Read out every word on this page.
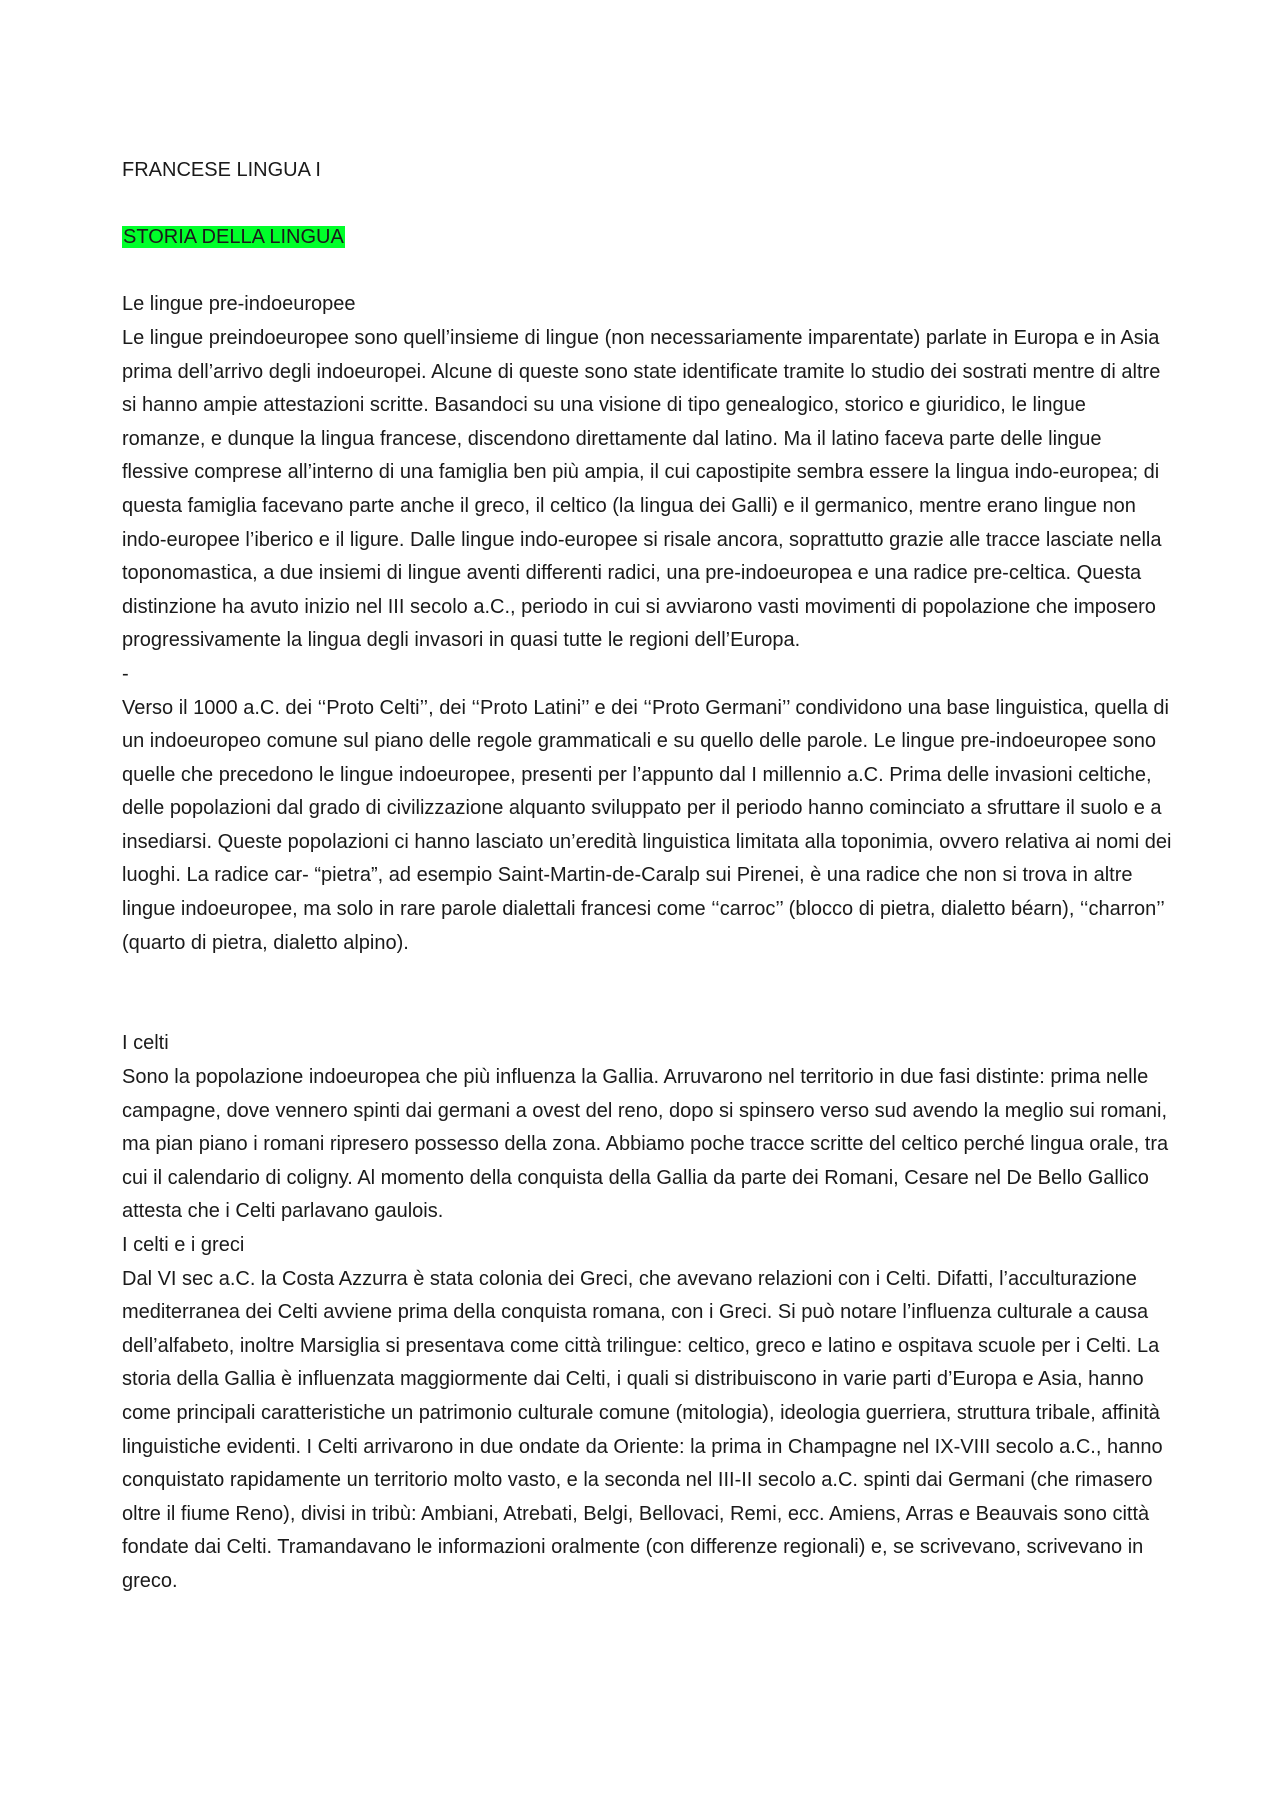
FRANCESE LINGUA I

STORIA DELLA LINGUA

Le lingue pre-indoeuropee

Le lingue preindoeuropee sono quell’insieme di lingue (non necessariamente imparentate) parlate in Europa e in Asia prima dell’arrivo degli indoeuropei. Alcune di queste sono state identificate tramite lo studio dei sostrati mentre di altre si hanno ampie attestazioni scritte. Basandoci su una visione di tipo genealogico, storico e giuridico, le lingue romanze, e dunque la lingua francese, discendono direttamente dal latino. Ma il latino faceva parte delle lingue flessive comprese all’interno di una famiglia ben più ampia, il cui capostipite sembra essere la lingua indo-europea; di questa famiglia facevano parte anche il greco, il celtico (la lingua dei Galli) e il germanico, mentre erano lingue non indo-europee l’iberico e il ligure. Dalle lingue indo-europee si risale ancora, soprattutto grazie alle tracce lasciate nella toponomastica, a due insiemi di lingue aventi differenti radici, una pre-indoeuropea e una radice pre-celtica. Questa distinzione ha avuto inizio nel III secolo a.C., periodo in cui si avviarono vasti movimenti di popolazione che imposero progressivamente la lingua degli invasori in quasi tutte le regioni dell’Europa.

-

Verso il 1000 a.C. dei ‘‘Proto Celti’’, dei ‘‘Proto Latini’’ e dei ‘‘Proto Germani’’ condividono una base linguistica, quella di un indoeuropeo comune sul piano delle regole grammaticali e su quello delle parole. Le lingue pre-indoeuropee sono quelle che precedono le lingue indoeuropee, presenti per l’appunto dal I millennio a.C. Prima delle invasioni celtiche, delle popolazioni dal grado di civilizzazione alquanto sviluppato per il periodo hanno cominciato a sfruttare il suolo e a insediarsi. Queste popolazioni ci hanno lasciato un’eredità linguistica limitata alla toponimia, ovvero relativa ai nomi dei luoghi. La radice car- “pietra”, ad esempio Saint-Martin-de-Caralp sui Pirenei, è una radice che non si trova in altre lingue indoeuropee, ma solo in rare parole dialettali francesi come ‘‘carroc’’ (blocco di pietra, dialetto béarn), ‘‘charron’’ (quarto di pietra, dialetto alpino).

I celti

Sono la popolazione indoeuropea che più influenza la Gallia. Arruvarono nel territorio in due fasi distinte: prima nelle campagne, dove vennero spinti dai germani a ovest del reno, dopo si spinsero verso sud avendo la meglio sui romani, ma pian piano i romani ripresero possesso della zona. Abbiamo poche tracce scritte del celtico perché lingua orale, tra cui il calendario di coligny. Al momento della conquista della Gallia da parte dei Romani, Cesare nel De Bello Gallico attesta che i Celti parlavano gaulois.

I celti e i greci

Dal VI sec a.C. la Costa Azzurra è stata colonia dei Greci, che avevano relazioni con i Celti. Difatti, l’acculturazione mediterranea dei Celti avviene prima della conquista romana, con i Greci. Si può notare l’influenza culturale a causa dell’alfabeto, inoltre Marsiglia si presentava come città trilingue: celtico, greco e latino e ospitava scuole per i Celti. La storia della Gallia è influenzata maggiormente dai Celti, i quali si distribuiscono in varie parti d’Europa e Asia, hanno come principali caratteristiche un patrimonio culturale comune (mitologia), ideologia guerriera, struttura tribale, affinità linguistiche evidenti. I Celti arrivarono in due ondate da Oriente: la prima in Champagne nel IX-VIII secolo a.C., hanno conquistato rapidamente un territorio molto vasto, e la seconda nel III-II secolo a.C. spinti dai Germani (che rimasero oltre il fiume Reno), divisi in tribù: Ambiani, Atrebati, Belgi, Bellovaci, Remi, ecc. Amiens, Arras e Beauvais sono città fondate dai Celti. Tramandavano le informazioni oralmente (con differenze regionali) e, se scrivevano, scrivevano in greco.
